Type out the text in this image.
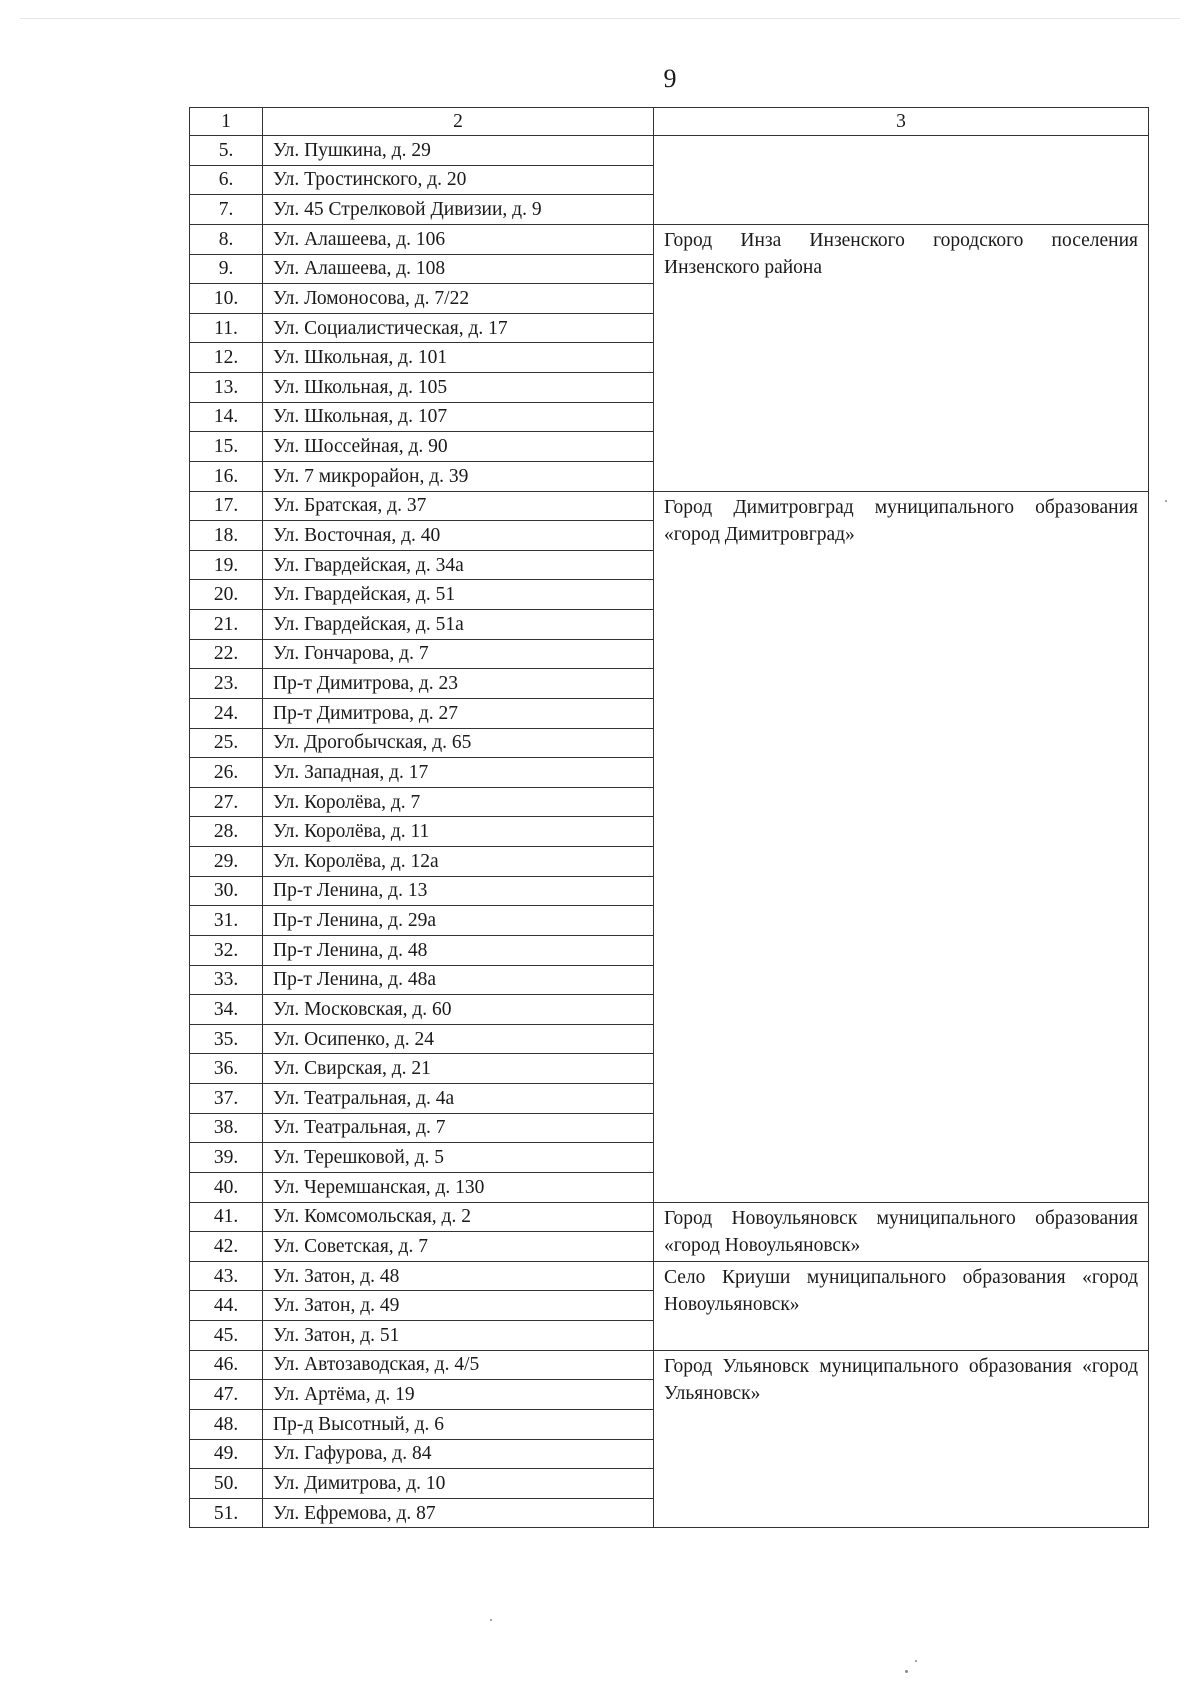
9
1	2	3
5.	Ул. Пушкина, д. 29	
6.	Ул. Тростинского, д. 20	
7.	Ул. 45 Стрелковой Дивизии, д. 9	
8.	Ул. Алашеева, д. 106	Город Инза Инзенского городского поселения Инзенского района
9.	Ул. Алашеева, д. 108	
10.	Ул. Ломоносова, д. 7/22	
11.	Ул. Социалистическая, д. 17	
12.	Ул. Школьная, д. 101	
13.	Ул. Школьная, д. 105	
14.	Ул. Школьная, д. 107	
15.	Ул. Шоссейная, д. 90	
16.	Ул. 7 микрорайон, д. 39	
17.	Ул. Братская, д. 37	Город Димитровград муниципального образования «город Димитровград»
18.	Ул. Восточная, д. 40	
19.	Ул. Гвардейская, д. 34а	
20.	Ул. Гвардейская, д. 51	
21.	Ул. Гвардейская, д. 51а	
22.	Ул. Гончарова, д. 7	
23.	Пр-т Димитрова, д. 23	
24.	Пр-т Димитрова, д. 27	
25.	Ул. Дрогобычская, д. 65	
26.	Ул. Западная, д. 17	
27.	Ул. Королёва, д. 7	
28.	Ул. Королёва, д. 11	
29.	Ул. Королёва, д. 12а	
30.	Пр-т Ленина, д. 13	
31.	Пр-т Ленина, д. 29а	
32.	Пр-т Ленина, д. 48	
33.	Пр-т Ленина, д. 48а	
34.	Ул. Московская, д. 60	
35.	Ул. Осипенко, д. 24	
36.	Ул. Свирская, д. 21	
37.	Ул. Театральная, д. 4а	
38.	Ул. Театральная, д. 7	
39.	Ул. Терешковой, д. 5	
40.	Ул. Черемшанская, д. 130	
41.	Ул. Комсомольская, д. 2	Город Новоульяновск муниципального образования «город Новоульяновск»
42.	Ул. Советская, д. 7	
43.	Ул. Затон, д. 48	Село Криуши муниципального образования «город Новоульяновск»
44.	Ул. Затон, д. 49	
45.	Ул. Затон, д. 51	
46.	Ул. Автозаводская, д. 4/5	Город Ульяновск муниципального образования «город Ульяновск»
47.	Ул. Артёма, д. 19	
48.	Пр-д Высотный, д. 6	
49.	Ул. Гафурова, д. 84	
50.	Ул. Димитрова, д. 10	
51.	Ул. Ефремова, д. 87	
